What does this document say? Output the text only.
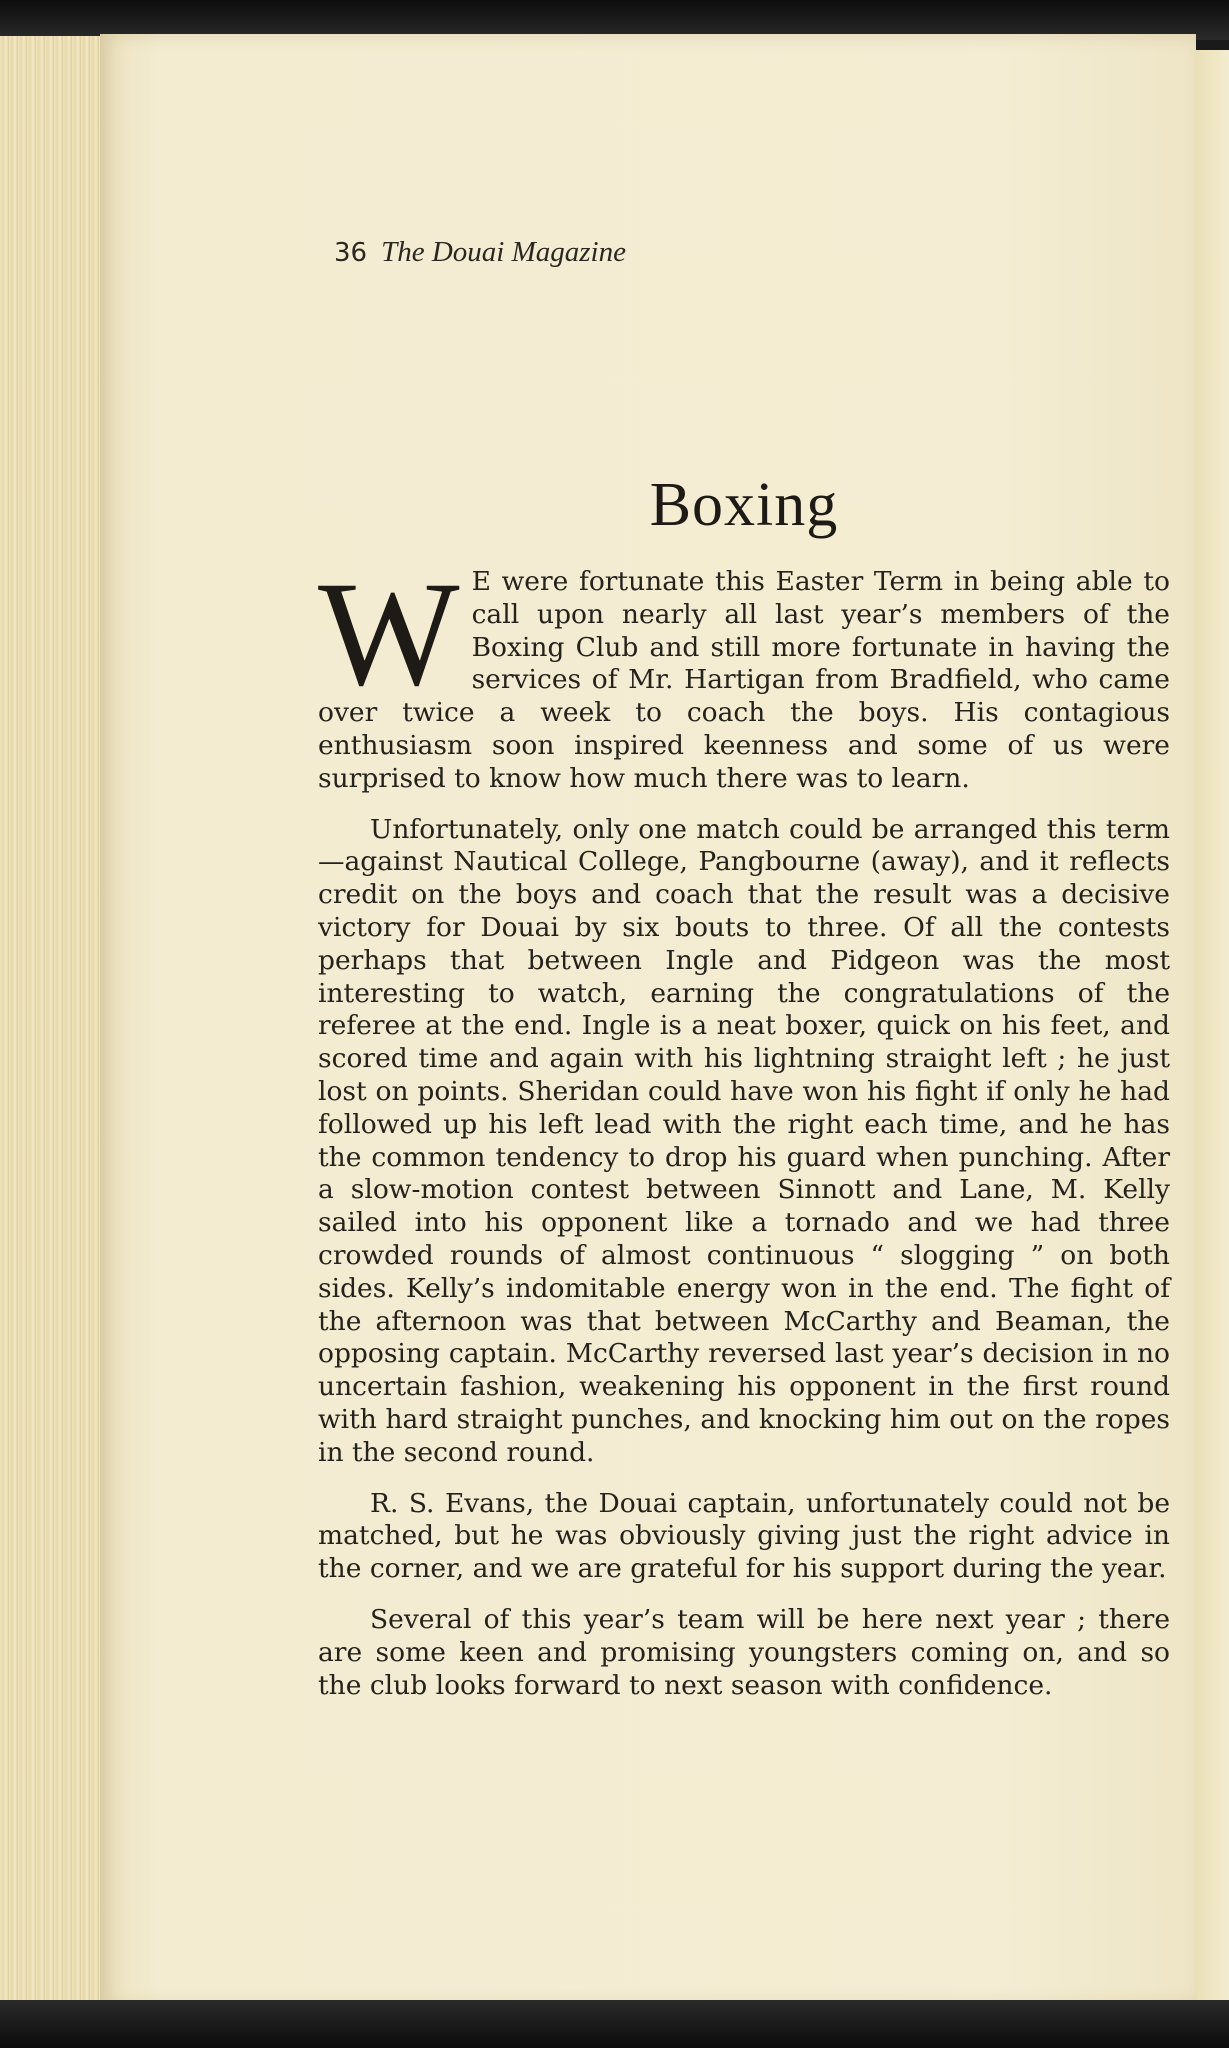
36 The Douai Magazine
Boxing

W E were fortunate this Easter Term in being able to call upon nearly all last year’s members of the Boxing Club and still more fortunate in having the services of Mr. Hartigan from Bradfield, who came over twice a week to coach the boys. His contagious enthusiasm soon inspired keenness and some of us were surprised to know how much there was to learn.

Unfortunately, only one match could be arranged this term—against Nautical College, Pangbourne (away), and it reflects credit on the boys and coach that the result was a decisive victory for Douai by six bouts to three. Of all the contests perhaps that between Ingle and Pidgeon was the most interesting to watch, earning the congratulations of the referee at the end. Ingle is a neat boxer, quick on his feet, and scored time and again with his lightning straight left ; he just lost on points. Sheridan could have won his fight if only he had followed up his left lead with the right each time, and he has the common tendency to drop his guard when punching. After a slow-motion contest between Sinnott and Lane, M. Kelly sailed into his opponent like a tornado and we had three crowded rounds of almost continuous “ slogging ” on both sides. Kelly’s indomitable energy won in the end. The fight of the afternoon was that between McCarthy and Beaman, the opposing captain. McCarthy reversed last year’s decision in no uncertain fashion, weakening his opponent in the first round with hard straight punches, and knocking him out on the ropes in the second round.

R. S. Evans, the Douai captain, unfortunately could not be matched, but he was obviously giving just the right advice in the corner, and we are grateful for his support during the year.

Several of this year’s team will be here next year ; there are some keen and promising youngsters coming on, and so the club looks forward to next season with confidence.
